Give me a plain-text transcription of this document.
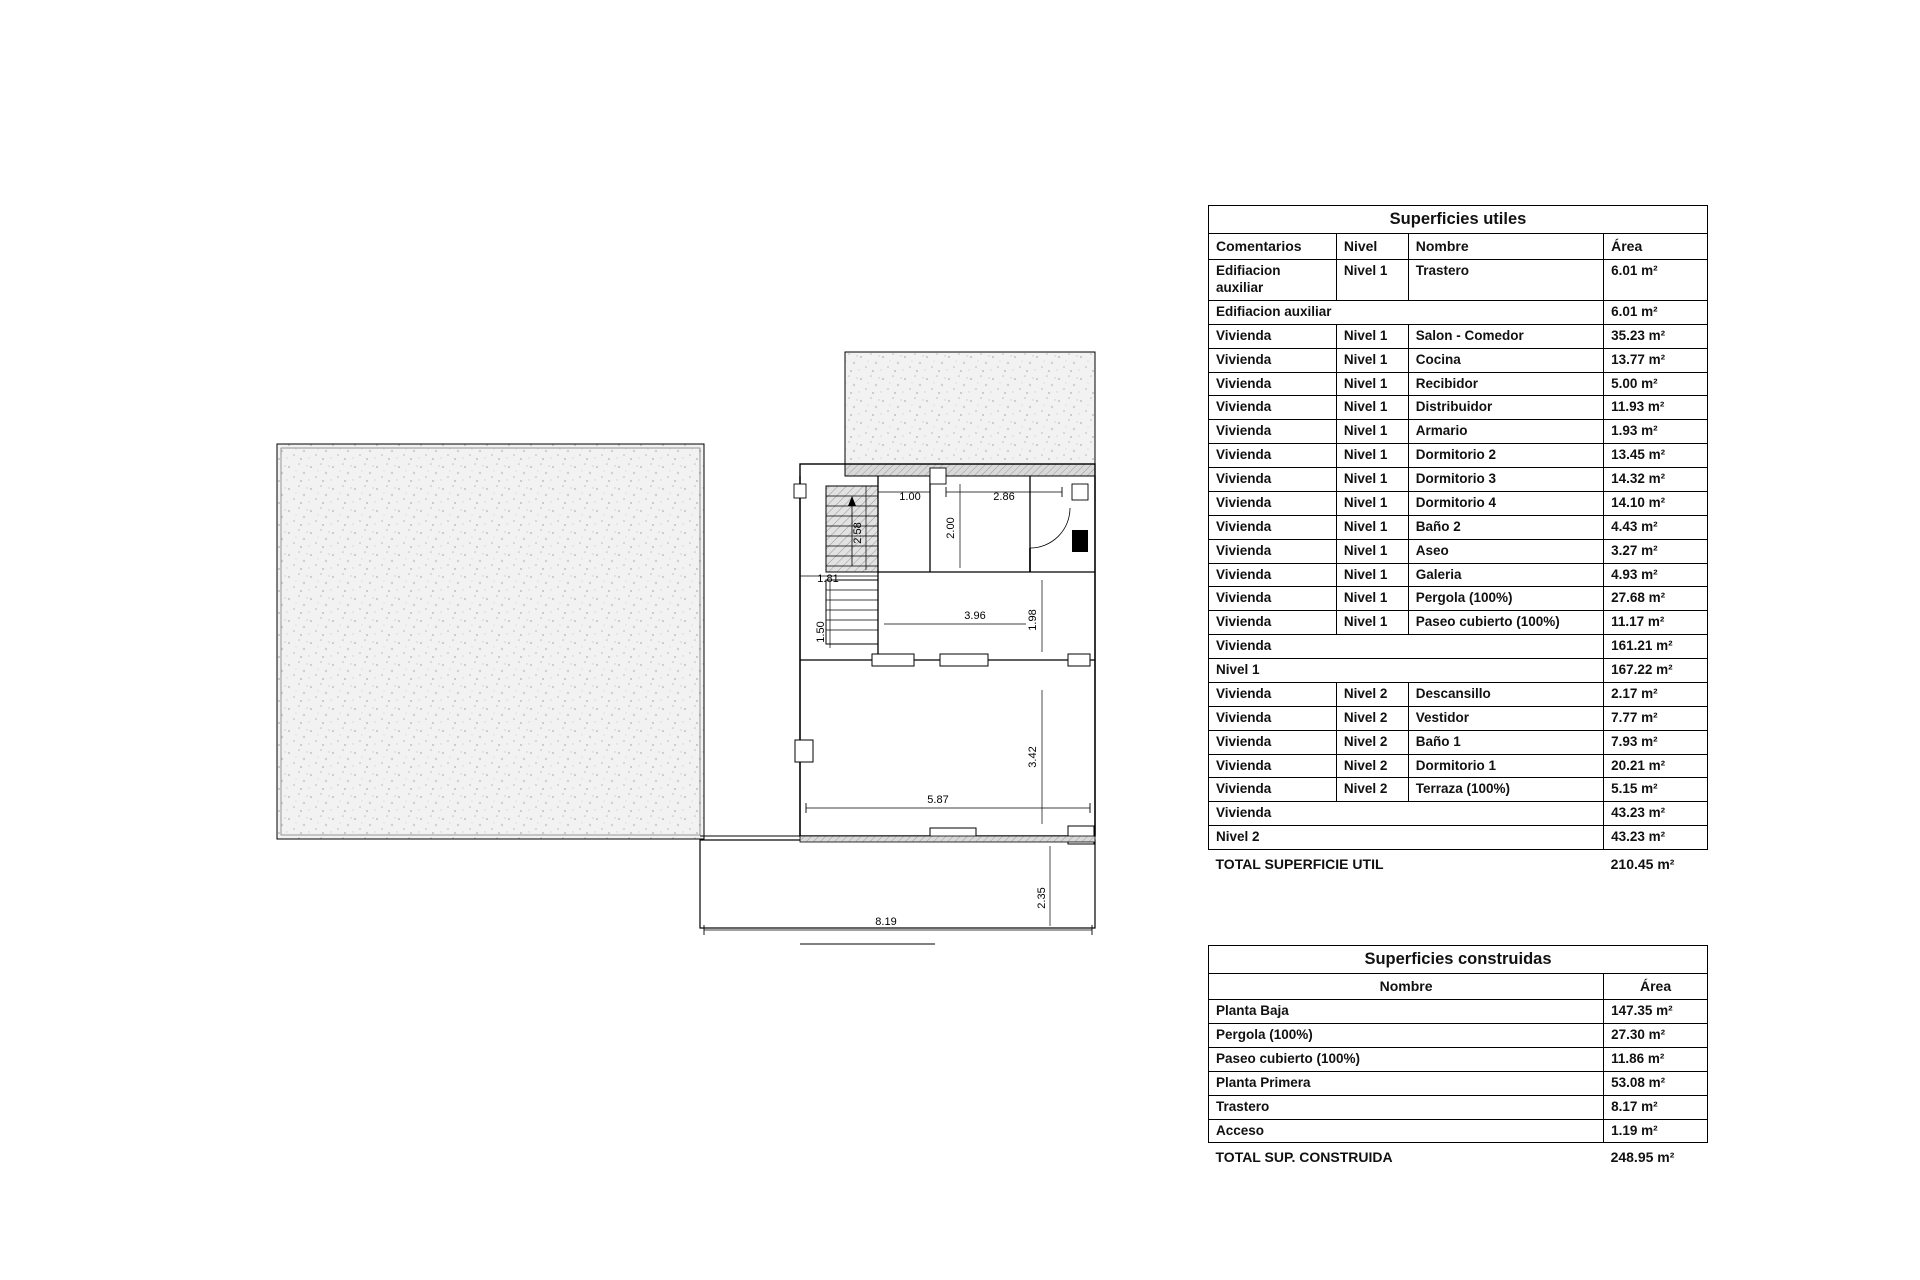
1.00	2.86
2.58	2.00
1.81
1.50
3.96	1.98
3.42
5.87
2.35
8.19
Superficies utiles			
Comentarios	Nivel	Nombre	Área
Edifiacion auxiliar	Nivel 1	Trastero	6.01 m²
Edifiacion auxiliar			6.01 m²
Vivienda	Nivel 1	Salon - Comedor	35.23 m²
Vivienda	Nivel 1	Cocina	13.77 m²
Vivienda	Nivel 1	Recibidor	5.00 m²
Vivienda	Nivel 1	Distribuidor	11.93 m²
Vivienda	Nivel 1	Armario	1.93 m²
Vivienda	Nivel 1	Dormitorio 2	13.45 m²
Vivienda	Nivel 1	Dormitorio 3	14.32 m²
Vivienda	Nivel 1	Dormitorio 4	14.10 m²
Vivienda	Nivel 1	Baño 2	4.43 m²
Vivienda	Nivel 1	Aseo	3.27 m²
Vivienda	Nivel 1	Galeria	4.93 m²
Vivienda	Nivel 1	Pergola (100%)	27.68 m²
Vivienda	Nivel 1	Paseo cubierto (100%)	11.17 m²
Vivienda			161.21 m²
Nivel 1			167.22 m²
Vivienda	Nivel 2	Descansillo	2.17 m²
Vivienda	Nivel 2	Vestidor	7.77 m²
Vivienda	Nivel 2	Baño 1	7.93 m²
Vivienda	Nivel 2	Dormitorio 1	20.21 m²
Vivienda	Nivel 2	Terraza (100%)	5.15 m²
Vivienda			43.23 m²
Nivel 2			43.23 m²
TOTAL SUPERFICIE UTIL			210.45 m²
Superficies construidas	
Nombre	Área
Planta Baja	147.35 m²
Pergola (100%)	27.30 m²
Paseo cubierto (100%)	11.86 m²
Planta Primera	53.08 m²
Trastero	8.17 m²
Acceso	1.19 m²
TOTAL SUP. CONSTRUIDA	248.95 m²
